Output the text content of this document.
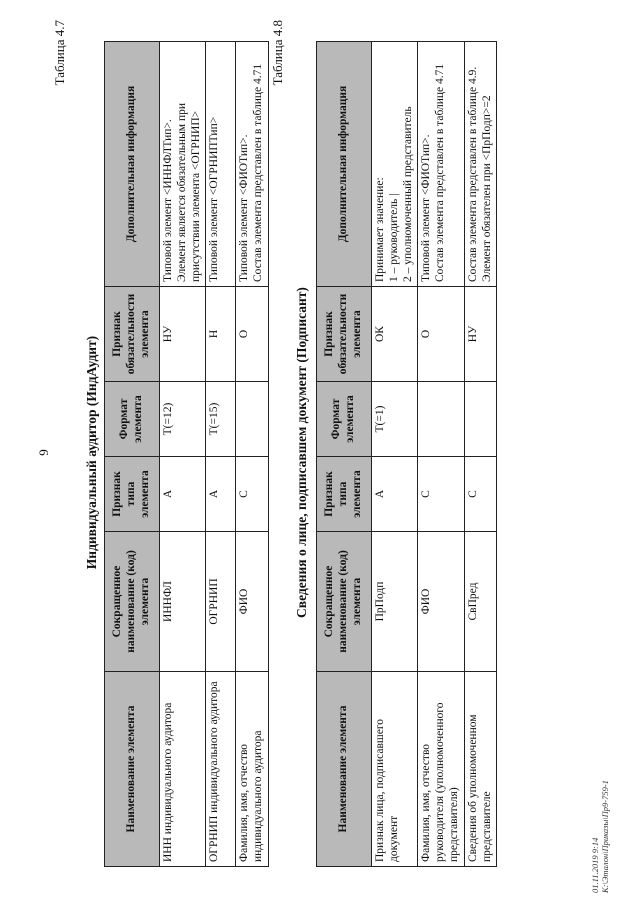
9
Таблица 4.7
Индивидуальный аудитор (ИндАудит)
Наименование элемента	Сокращенное наименование (код) элемента	Признак типа элемента	Формат элемента	Признак обязательности элемента	Дополнительная информация
ИНН индивидуального аудитора	ИННФЛ	А	T(=12)	НУ	Типовой элемент <ИННФЛТип>.
Элемент является обязательным при присутствии элемента <ОГРНИП>
ОГРНИП индивидуального аудитора	ОГРНИП	А	T(=15)	Н	Типовой элемент <ОГРНИПТип>
Фамилия, имя, отчество индивидуального аудитора	ФИО	С		О	Типовой элемент <ФИОТип>.
Состав элемента представлен в таблице 4.71 Таблица 4.8
Сведения о лице, подписавшем документ (Подписант)
Наименование элемента	Сокращенное наименование (код) элемента	Признак типа элемента	Формат элемента	Признак обязательности элемента	Дополнительная информация
Признак лица, подписавшего документ	ПрПодп	А	T(=1)	ОК	Принимает значение:
1 – руководитель |
2 – уполномоченный представитель
Фамилия, имя, отчество руководителя (уполномоченного представителя)	ФИО	С		О	Типовой элемент <ФИОТип>.
Состав элемента представлен в таблице 4.71
Сведения об уполномоченном представителе	СвПред	С		НУ	Состав элемента представлен в таблице 4.9.
Элемент обязателен при <ПрПодп>=2
01.11.2019 9:14 К:\Эталон\Приказы\Пр9-759-1
